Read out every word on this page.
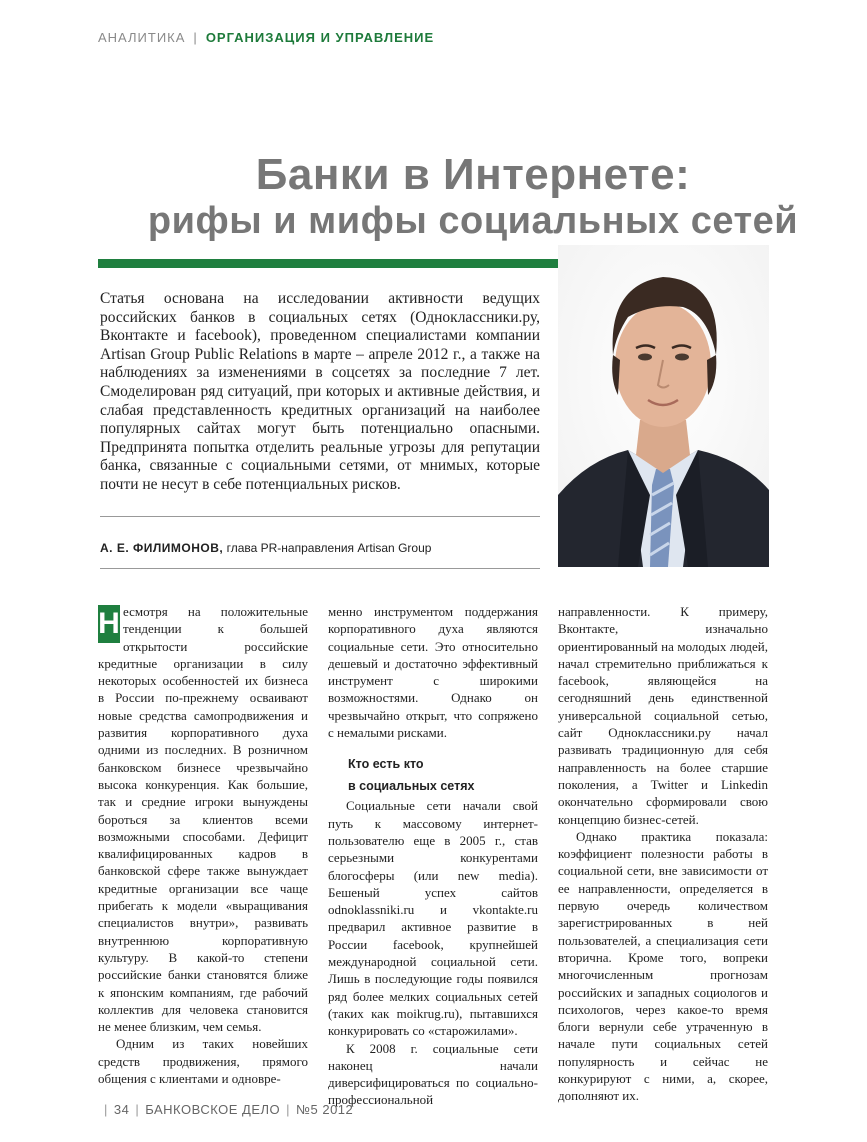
АНАЛИТИКА | ОРГАНИЗАЦИЯ И УПРАВЛЕНИЕ
Банки в Интернете:
рифы и мифы социальных сетей
Статья основана на исследовании активности ведущих российских банков в социальных сетях (Одноклассники.ру, Вконтакте и facebook), проведенном специалистами компании Artisan Group Public Relations в марте – апреле 2012 г., а также на наблюдениях за изменениями в соцсетях за последние 7 лет. Смоделирован ряд ситуаций, при которых и активные действия, и слабая представленность кредитных организаций на наиболее популярных сайтах могут быть потенциально опасными. Предпринята попытка отделить реальные угрозы для репутации банка, связанные с социальными сетями, от мнимых, которые почти не несут в себе потенциальных рисков.
А. Е. ФИЛИМОНОВ, глава PR-направления Artisan Group

Н есмотря на положительные тенденции к большей открытости российские кредитные организации в силу некоторых особенностей их бизнеса в России по-прежнему осваивают новые средства самопродвижения и развития корпоративного духа одними из последних. В розничном банковском бизнесе чрезвычайно высока конкуренция. Как большие, так и средние игроки вынуждены бороться за клиентов всеми возможными способами. Дефицит квалифицированных кадров в банковской сфере также вынуждает кредитные организации все чаще прибегать к модели «выращивания специалистов внутри», развивать внутреннюю корпоративную культуру. В какой-то степени российские банки становятся ближе к японским компаниям, где рабочий коллектив для человека становится не менее близким, чем семья.

Одним из таких новейших средств продвижения, прямого общения с клиентами и одновре-

менно инструментом поддержания корпоративного духа являются социальные сети. Это относительно дешевый и достаточно эффективный инструмент с широкими возможностями. Однако он чрезвычайно открыт, что сопряжено с немалыми рисками.

Кто есть кто
в социальных сетях

Социальные сети начали свой путь к массовому интернет-пользователю еще в 2005 г., став серьезными конкурентами блогосферы (или new media). Бешеный успех сайтов odnoklassniki.ru и vkontakte.ru предварил активное развитие в России facebook, крупнейшей международной социальной сети. Лишь в последующие годы появился ряд более мелких социальных сетей (таких как moikrug.ru), пытавшихся конкурировать со «старожилами».

К 2008 г. социальные сети наконец начали диверсифицироваться по социально-профессиональной

направленности. К примеру, Вконтакте, изначально ориентированный на молодых людей, начал стремительно приближаться к facebook, являющейся на сегодняшний день единственной универсальной социальной сетью, сайт Одноклассники.ру начал развивать традиционную для себя направленность на более старшие поколения, а Twitter и Linkedin окончательно сформировали свою концепцию бизнес-сетей.

Однако практика показала: коэффициент полезности работы в социальной сети, вне зависимости от ее направленности, определяется в первую очередь количеством зарегистрированных в ней пользователей, а специализация сети вторична. Кроме того, вопреки многочисленным прогнозам российских и западных социологов и психологов, через какое-то время блоги вернули себе утраченную в начале пути социальных сетей популярность и сейчас не конкурируют с ними, а, скорее, дополняют их.

| 34 | БАНКОВСКОЕ ДЕЛО | №5 2012
